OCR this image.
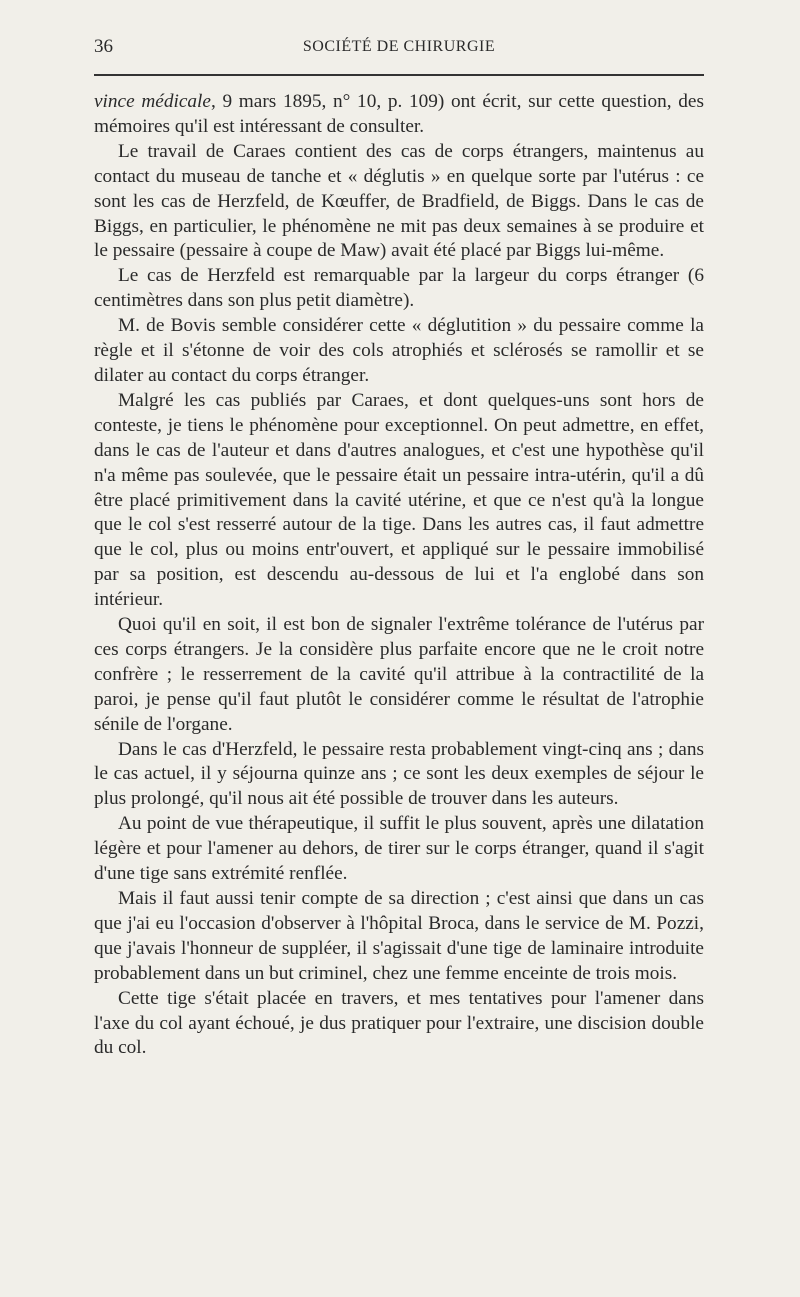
36	SOCIÉTÉ DE CHIRURGIE

vince médicale, 9 mars 1895, n° 10, p. 109) ont écrit, sur cette question, des mémoires qu'il est intéressant de consulter.

Le travail de Caraes contient des cas de corps étrangers, maintenus au contact du museau de tanche et « déglutis » en quelque sorte par l'utérus : ce sont les cas de Herzfeld, de Kœuffer, de Bradfield, de Biggs. Dans le cas de Biggs, en particulier, le phénomène ne mit pas deux semaines à se produire et le pessaire (pessaire à coupe de Maw) avait été placé par Biggs lui-même.

Le cas de Herzfeld est remarquable par la largeur du corps étranger (6 centimètres dans son plus petit diamètre).

M. de Bovis semble considérer cette « déglutition » du pessaire comme la règle et il s'étonne de voir des cols atrophiés et sclérosés se ramollir et se dilater au contact du corps étranger.

Malgré les cas publiés par Caraes, et dont quelques-uns sont hors de conteste, je tiens le phénomène pour exceptionnel. On peut admettre, en effet, dans le cas de l'auteur et dans d'autres analogues, et c'est une hypothèse qu'il n'a même pas soulevée, que le pessaire était un pessaire intra-utérin, qu'il a dû être placé primitivement dans la cavité utérine, et que ce n'est qu'à la longue que le col s'est resserré autour de la tige. Dans les autres cas, il faut admettre que le col, plus ou moins entr'ouvert, et appliqué sur le pessaire immobilisé par sa position, est descendu au-dessous de lui et l'a englobé dans son intérieur.

Quoi qu'il en soit, il est bon de signaler l'extrême tolérance de l'utérus par ces corps étrangers. Je la considère plus parfaite encore que ne le croit notre confrère ; le resserrement de la cavité qu'il attribue à la contractilité de la paroi, je pense qu'il faut plutôt le considérer comme le résultat de l'atrophie sénile de l'organe.

Dans le cas d'Herzfeld, le pessaire resta probablement vingt-cinq ans ; dans le cas actuel, il y séjourna quinze ans ; ce sont les deux exemples de séjour le plus prolongé, qu'il nous ait été possible de trouver dans les auteurs.

Au point de vue thérapeutique, il suffit le plus souvent, après une dilatation légère et pour l'amener au dehors, de tirer sur le corps étranger, quand il s'agit d'une tige sans extrémité renflée.

Mais il faut aussi tenir compte de sa direction ; c'est ainsi que dans un cas que j'ai eu l'occasion d'observer à l'hôpital Broca, dans le service de M. Pozzi, que j'avais l'honneur de suppléer, il s'agissait d'une tige de laminaire introduite probablement dans un but criminel, chez une femme enceinte de trois mois.

Cette tige s'était placée en travers, et mes tentatives pour l'amener dans l'axe du col ayant échoué, je dus pratiquer pour l'extraire, une discision double du col.
